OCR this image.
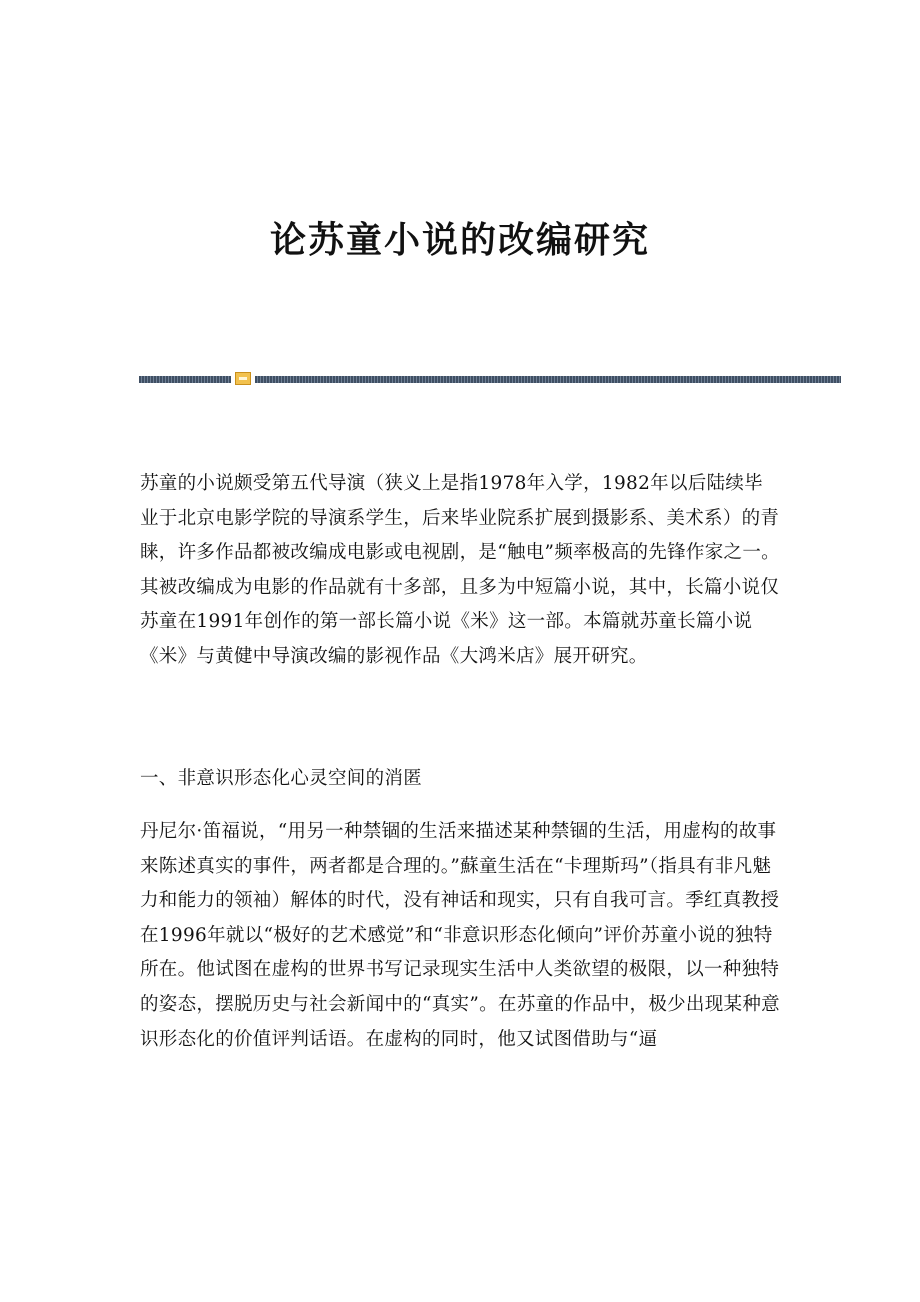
论苏童小说的改编研究

苏童的小说颇受第五代导演（狭义上是指1978年入学，1982年以后陆续毕业于北京电影学院的导演系学生，后来毕业院系扩展到摄影系、美术系）的青睐，许多作品都被改编成电影或电视剧，是“触电”频率极高的先锋作家之一。其被改编成为电影的作品就有十多部，且多为中短篇小说，其中，长篇小说仅苏童在1991年创作的第一部长篇小说《米》这一部。本篇就苏童长篇小说《米》与黄健中导演改编的影视作品《大鸿米店》展开研究。

一、非意识形态化心灵空间的消匿

丹尼尔·笛福说，“用另一种禁锢的生活来描述某种禁锢的生活，用虚构的故事来陈述真实的事件，两者都是合理的。”蘇童生活在“卡理斯玛”（指具有非凡魅力和能力的领袖）解体的时代，没有神话和现实，只有自我可言。季红真教授在1996年就以“极好的艺术感觉”和“非意识形态化倾向”评价苏童小说的独特所在。他试图在虚构的世界书写记录现实生活中人类欲望的极限，以一种独特的姿态，摆脱历史与社会新闻中的“真实”。在苏童的作品中，极少出现某种意识形态化的价值评判话语。在虚构的同时，他又试图借助与“逼
